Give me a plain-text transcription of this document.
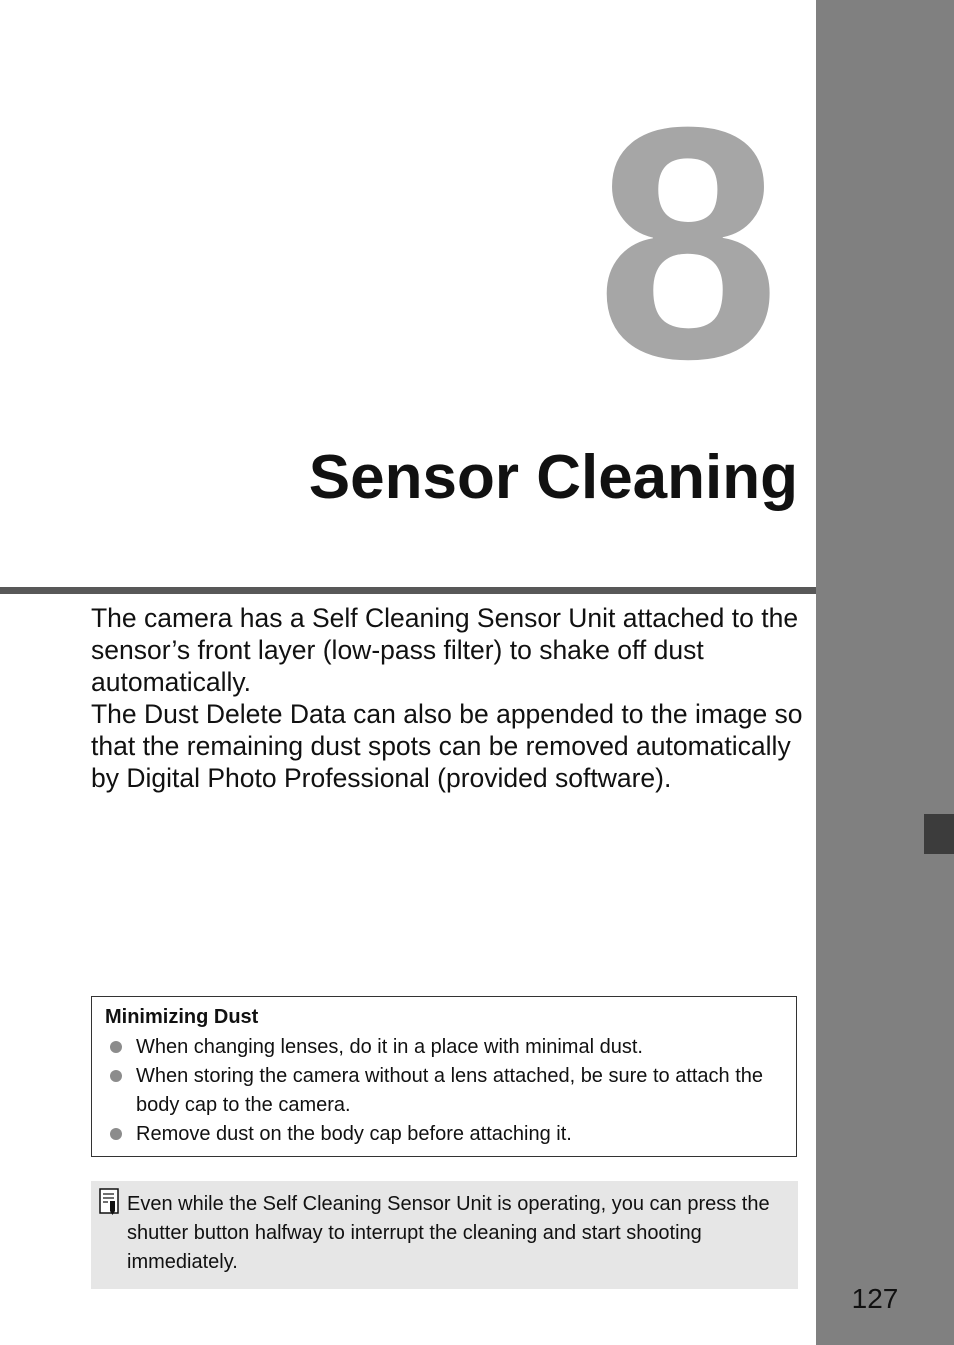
8
Sensor Cleaning

The camera has a Self Cleaning Sensor Unit attached to the sensor’s front layer (low-pass filter) to shake off dust automatically.

The Dust Delete Data can also be appended to the image so that the remaining dust spots can be removed automatically by Digital Photo Professional (provided software).

Minimizing Dust
When changing lenses, do it in a place with minimal dust.
When storing the camera without a lens attached, be sure to attach the body cap to the camera.
Remove dust on the body cap before attaching it.
Even while the Self Cleaning Sensor Unit is operating, you can press the shutter button halfway to interrupt the cleaning and start shooting immediately.
127
